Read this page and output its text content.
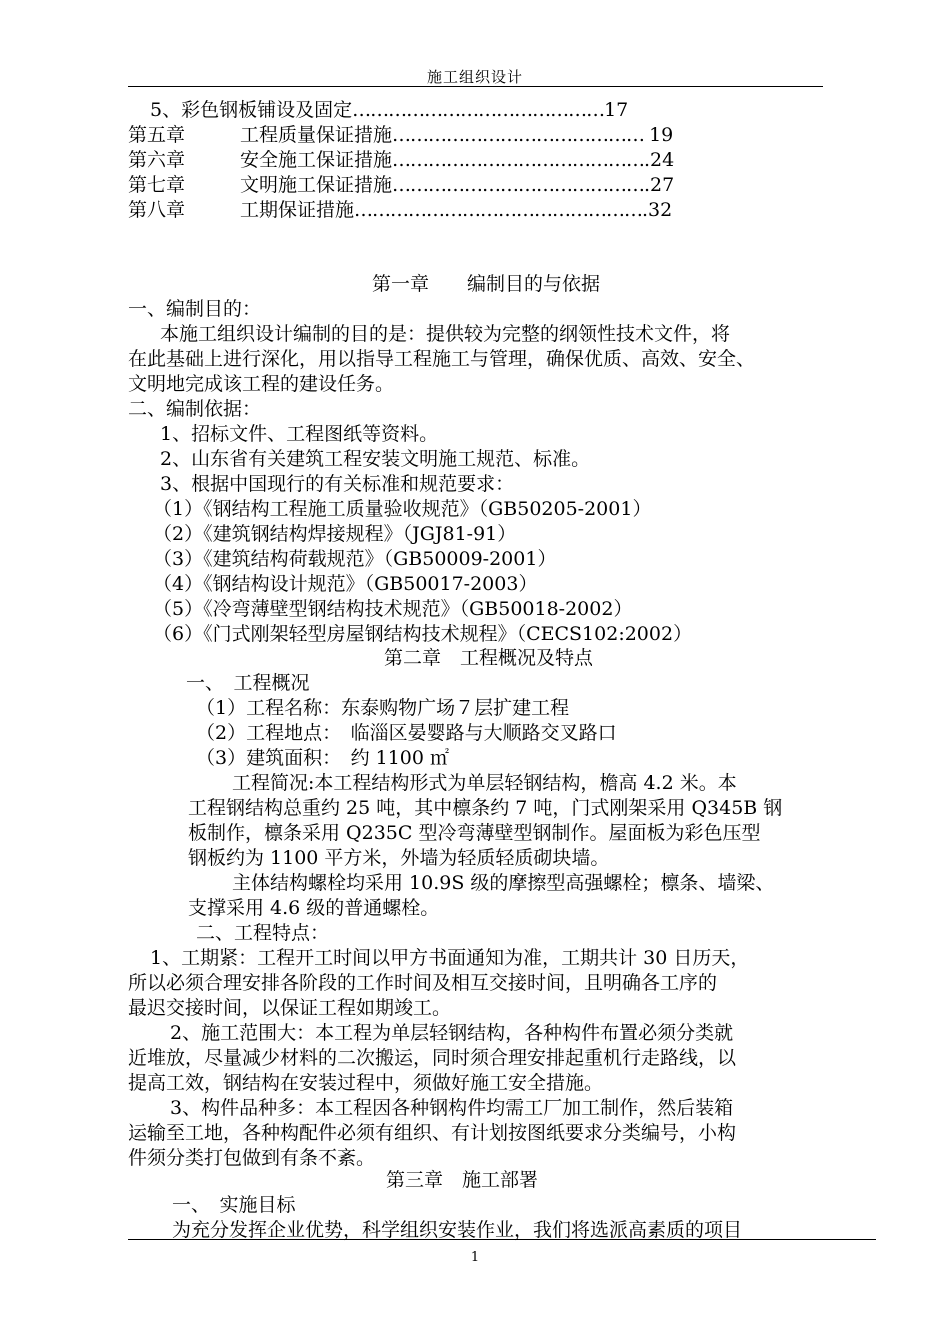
施工组织设计
5、彩色钢板铺设及固定……………………………………17
第五章	工程质量保证措施…………………………………… 19
第六章	安全施工保证措施…………………………………….24
第七章	文明施工保证措施…………………………………….27
第八章	工期保证措施………………………………………….32
第一章　　编制目的与依据
一、编制目的：
本施工组织设计编制的目的是：提供较为完整的纲领性技术文件，将
在此基础上进行深化，用以指导工程施工与管理，确保优质、高效、安全、
文明地完成该工程的建设任务。
二、编制依据：
1、招标文件、工程图纸等资料。
2、山东省有关建筑工程安装文明施工规范、标准。
3、根据中国现行的有关标准和规范要求：
（1）《钢结构工程施工质量验收规范》（GB50205-2001）
（2）《建筑钢结构焊接规程》（JGJ81-91）
（3）《建筑结构荷载规范》（GB50009-2001）
（4）《钢结构设计规范》（GB50017-2003）
（5）《冷弯薄壁型钢结构技术规范》（GB50018-2002）
（6）《门式刚架轻型房屋钢结构技术规程》（CECS102:2002）
第二章　工程概况及特点
一、　工程概况
（1）工程名称：东泰购物广场７层扩建工程
（2）工程地点：　临淄区晏婴路与大顺路交叉路口
（3）建筑面积：　约 1100 ㎡
工程简况:本工程结构形式为单层轻钢结构，檐高 4.2 米。本
工程钢结构总重约 25 吨，其中檩条约 7 吨，门式刚架采用 Q345B 钢
板制作，檩条采用 Q235C 型冷弯薄壁型钢制作。屋面板为彩色压型
钢板约为 1100 平方米，外墙为轻质轻质砌块墙。
主体结构螺栓均采用 10.9S 级的摩擦型高强螺栓；檩条、墙梁、
支撑采用 4.6 级的普通螺栓。
二、工程特点：
1、工期紧：工程开工时间以甲方书面通知为准，工期共计 30 日历天，
所以必须合理安排各阶段的工作时间及相互交接时间，且明确各工序的
最迟交接时间，以保证工程如期竣工。
2、施工范围大：本工程为单层轻钢结构，各种构件布置必须分类就
近堆放，尽量减少材料的二次搬运，同时须合理安排起重机行走路线，以
提高工效，钢结构在安装过程中，须做好施工安全措施。
3、构件品种多：本工程因各种钢构件均需工厂加工制作，然后装箱
运输至工地，各种构配件必须有组织、有计划按图纸要求分类编号，小构
件须分类打包做到有条不紊。
第三章　施工部署
一、　实施目标
为充分发挥企业优势，科学组织安装作业，我们将选派高素质的项目
1
